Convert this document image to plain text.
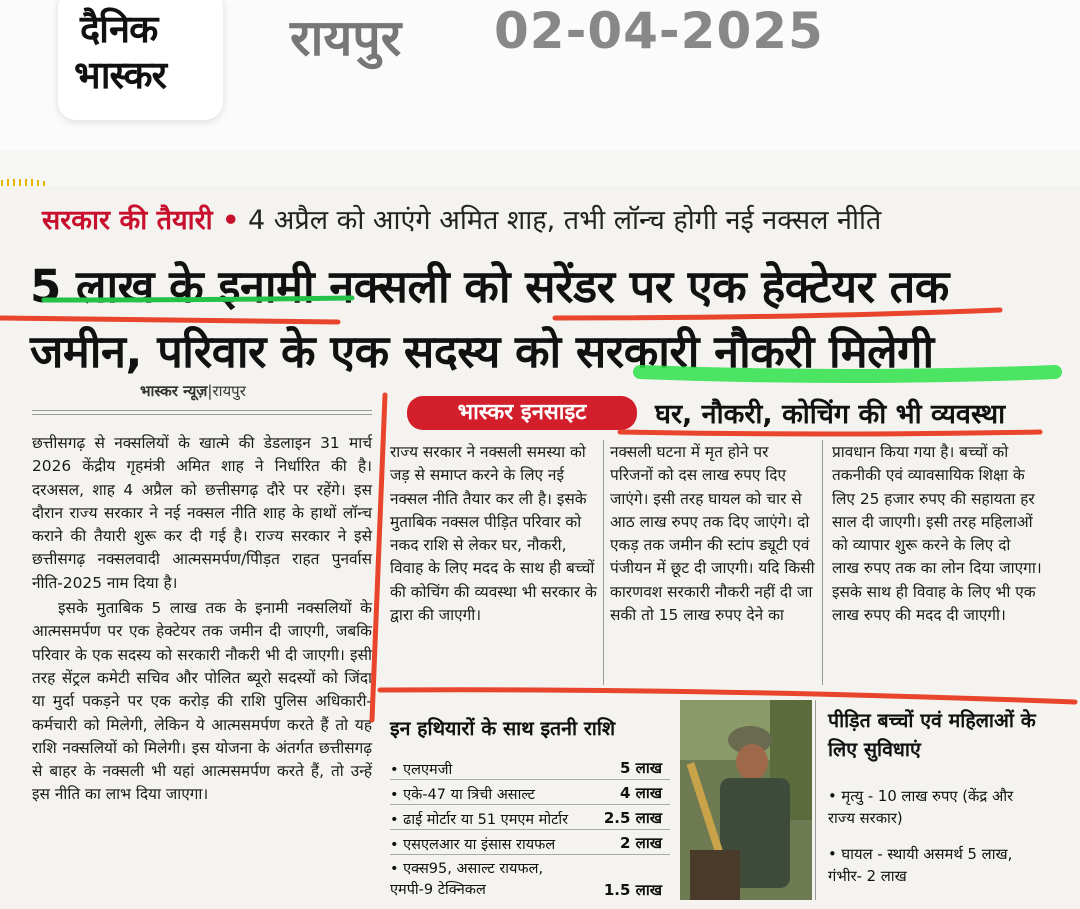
दैनिक
भास्कर
रायपुर 02-04-2025
सरकार की तैयारी • 4 अप्रैल को आएंगे अमित शाह, तभी लॉन्च होगी नई नक्सल नीति
5 लाख के इनामी नक्सली को सरेंडर पर एक हेक्टेयर तक
जमीन, परिवार के एक सदस्य को सरकारी नौकरी मिलेगी
भास्कर न्यूज़|रायपुर

छत्तीसगढ़ से नक्सलियों के खात्मे की डेडलाइन 31 मार्च 2026 केंद्रीय गृहमंत्री अमित शाह ने निर्धारित की है। दरअसल, शाह 4 अप्रैल को छत्तीसगढ़ दौरे पर रहेंगे। इस दौरान राज्य सरकार ने नई नक्सल नीति शाह के हाथों लॉन्च कराने की तैयारी शुरू कर दी गई है। राज्य सरकार ने इसे छत्तीसगढ़ नक्सलवादी आत्मसमर्पण/पीिड़त राहत पुनर्वास नीति-2025 नाम दिया है।

इसके मुताबिक 5 लाख तक के इनामी नक्सलियों के आत्मसमर्पण पर एक हेक्टेयर तक जमीन दी जाएगी, जबकि परिवार के एक सदस्य को सरकारी नौकरी भी दी जाएगी। इसी तरह सेंट्रल कमेटी सचिव और पोलित ब्यूरो सदस्यों को जिंदा या मुर्दा पकड़ने पर एक करोड़ की राशि पुलिस अधिकारी-कर्मचारी को मिलेगी, लेकिन ये आत्मसमर्पण करते हैं तो यह राशि नक्सलियों को मिलेगी। इस योजना के अंतर्गत छत्तीसगढ़ से बाहर के नक्सली भी यहां आत्मसमर्पण करते हैं, तो उन्हें इस नीति का लाभ दिया जाएगा।

भास्कर इनसाइट	घर, नौकरी, कोचिंग की भी व्यवस्था
राज्य सरकार ने नक्सली समस्या को जड़ से समाप्त करने के लिए नई नक्सल नीति तैयार कर ली है। इसके मुताबिक नक्सल पीड़ित परिवार को नकद राशि से लेकर घर, नौकरी, विवाह के लिए मदद के साथ ही बच्चों की कोचिंग की व्यवस्था भी सरकार के द्वारा की जाएगी।
नक्सली घटना में मृत होने पर परिजनों को दस लाख रुपए दिए जाएंगे। इसी तरह घायल को चार से आठ लाख रुपए तक दिए जाएंगे। दो एकड़ तक जमीन की स्टांप ड्यूटी एवं पंजीयन में छूट दी जाएगी। यदि किसी कारणवश सरकारी नौकरी नहीं दी जा सकी तो 15 लाख रुपए देने का
प्रावधान किया गया है। बच्चों को तकनीकी एवं व्यावसायिक शिक्षा के लिए 25 हजार रुपए की सहायता हर साल दी जाएगी। इसी तरह महिलाओं को व्यापार शुरू करने के लिए दो लाख रुपए तक का लोन दिया जाएगा। इसके साथ ही विवाह के लिए भी एक लाख रुपए की मदद दी जाएगी।
इन हथियारों के साथ इतनी राशि
• एलएमजी	5 लाख
• एके-47 या त्रिची असाल्ट	4 लाख
• ढाई मोर्टार या 51 एमएम मोर्टार 2.5 लाख
• एसएलआर या इंसास रायफल	2 लाख
• एक्स95, असाल्ट रायफल,
एमपी-9 टेक्निकल	1.5 लाख
पीड़ित बच्चों एवं महिलाओं के लिए सुविधाएं
• मृत्यु - 10 लाख रुपए (केंद्र और राज्य सरकार)
• घायल - स्थायी असमर्थ 5 लाख, गंभीर- 2 लाख
